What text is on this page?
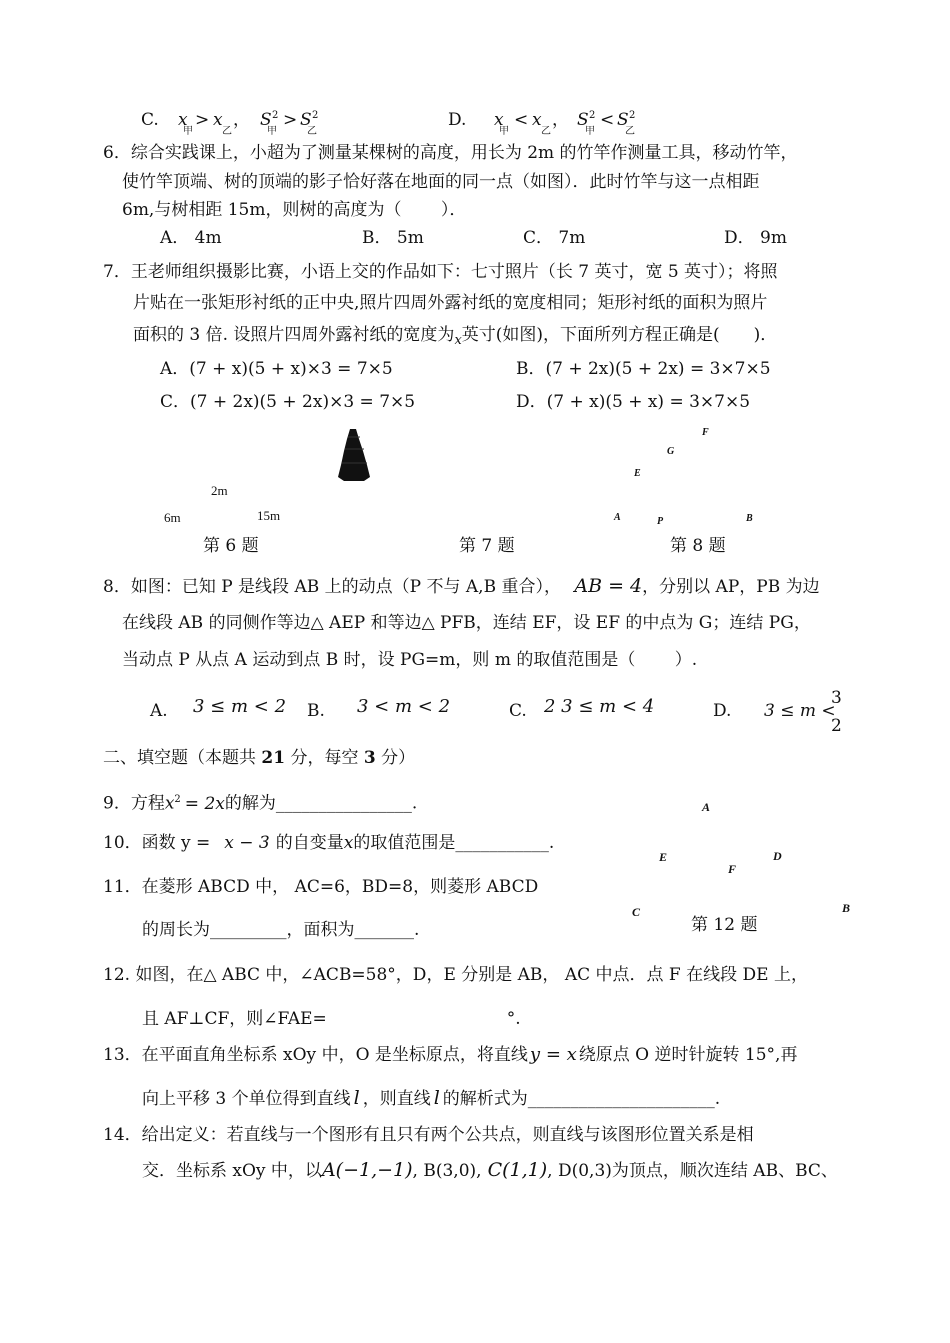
C. x
甲
> x
乙
， S 2
甲
> S 2
乙
D. x
甲
< x
乙
， S 2
甲
< S 2
乙
6．综合实践课上，小超为了测量某棵树的高度，用长为 2m 的竹竿作测量工具，移动竹竿，
使竹竿顶端、树的顶端的影子恰好落在地面的同一点（如图）．此时竹竿与这一点相距
6m,与树相距 15m，则树的高度为（　　 ）．
A． 4m	B． 5m	C． 7m	D． 9m
7．王老师组织摄影比赛，小语上交的作品如下：七寸照片（长 7 英寸，宽 5 英寸）；将照
片贴在一张矩形衬纸的正中央,照片四周外露衬纸的宽度相同；矩形衬纸的面积为照片
面积的 3 倍. 设照片四周外露衬纸的宽度为$_x$英寸(如图)，下面所列方程正确是(　　)．
A．(7 + x)(5 + x)×3 = 7×5	B．(7 + 2x)(5 + 2x) = 3×7×5
C．(7 + 2x)(5 + 2x)×3 = 7×5	D．(7 + x)(5 + x) = 3×7×5
2m
6m	15m
F
G
E
A	P	B
第 6 题	第 7 题	第 8 题
8．如图：已知 P 是线段 AB 上的动点（P 不与 A,B 重合）， AB = 4，分别以 AP，PB 为边
在线段 AB 的同侧作等边△ AEP 和等边△ PFB，连结 EF，设 EF 的中点为 G；连结 PG，
当动点 P 从点 A 运动到点 B 时，设 PG=m，则 m 的取值范围是（　　 ）.
A. 3 ≤ m < 2 B. 3 < m < 2	C. 2 3 ≤ m < 4	D. 3 ≤ m <
3
2
二、填空题（本题共 21 分，每空 3 分）
9．方程$x^2 = 2x$的解为________________.
10．函数 y = x − 3 的自变量x的取值范围是___________.
11．在菱形 ABCD 中， AC=6，BD=8，则菱形 ABCD
的周长为_________，面积为_______.
A
E	D
F
C	B
第 12 题
12. 如图，在△ ABC 中，∠ACB=58°，D，E 分别是 AB， AC 中点．点 F 在线段 DE 上，
且 AF⊥CF，则∠FAE=	°.
13．在平面直角坐标系 xOy 中，O 是坐标原点，将直线 y = x 绕原点 O 逆时针旋转 15°,再
向上平移 3 个单位得到直线 l ，则直线 l 的解析式为______________________.
14．给出定义：若直线与一个图形有且只有两个公共点，则直线与该图形位置关系是相
交．坐标系 xOy 中，以A(−1,−1), B(3,0), C(1,1), D(0,3)为顶点，顺次连结 AB、BC、
